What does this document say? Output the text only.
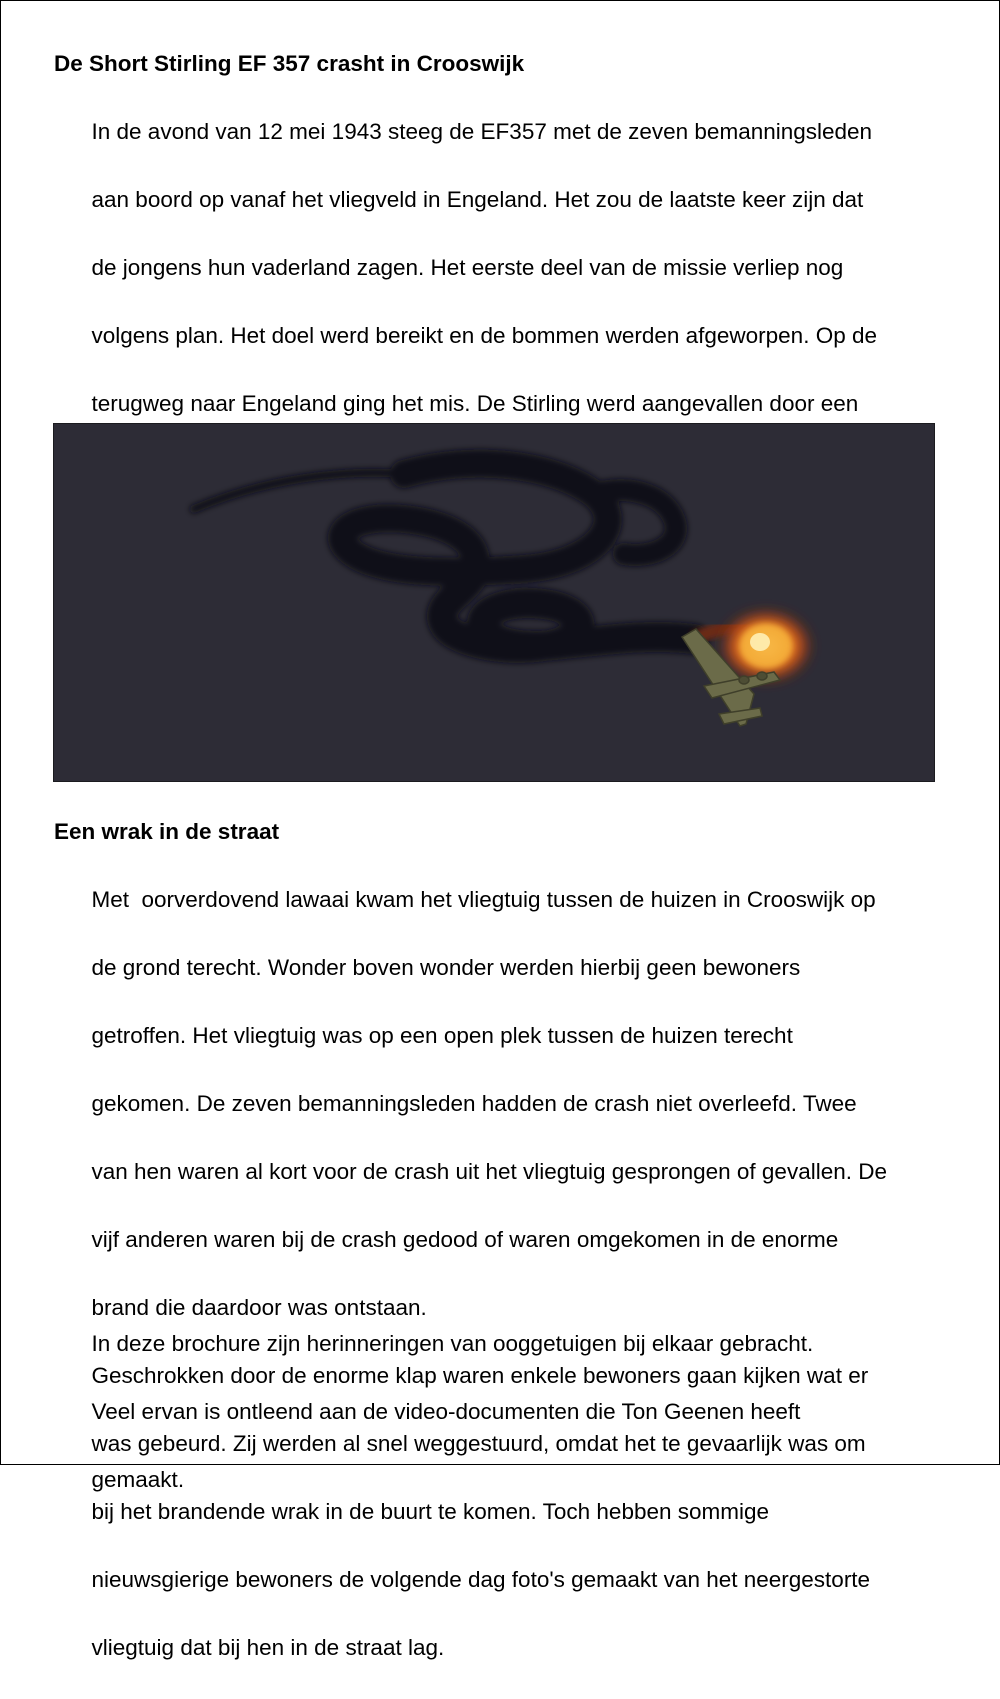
De Short Stirling EF 357 crasht in Crooswijk

In de avond van 12 mei 1943 steeg de EF357 met de zeven bemanningsleden

aan boord op vanaf het vliegveld in Engeland. Het zou de laatste keer zijn dat

de jongens hun vaderland zagen. Het eerste deel van de missie verliep nog

volgens plan. Het doel werd bereikt en de bommen werden afgeworpen. Op de

terugweg naar Engeland ging het mis. De Stirling werd aangevallen door een

Een wrak in de straat

Met  oorverdovend lawaai kwam het vliegtuig tussen de huizen in Crooswijk op

de grond terecht. Wonder boven wonder werden hierbij geen bewoners

getroffen. Het vliegtuig was op een open plek tussen de huizen terecht

gekomen. De zeven bemanningsleden hadden de crash niet overleefd. Twee

van hen waren al kort voor de crash uit het vliegtuig gesprongen of gevallen. De

vijf anderen waren bij de crash gedood of waren omgekomen in de enorme

brand die daardoor was ontstaan.

Geschrokken door de enorme klap waren enkele bewoners gaan kijken wat er

was gebeurd. Zij werden al snel weggestuurd, omdat het te gevaarlijk was om

bij het brandende wrak in de buurt te komen. Toch hebben sommige

nieuwsgierige bewoners de volgende dag foto's gemaakt van het neergestorte

vliegtuig dat bij hen in de straat lag.

In deze brochure zijn herinneringen van ooggetuigen bij elkaar gebracht.

Veel ervan is ontleend aan de video-documenten die Ton Geenen heeft

gemaakt.
